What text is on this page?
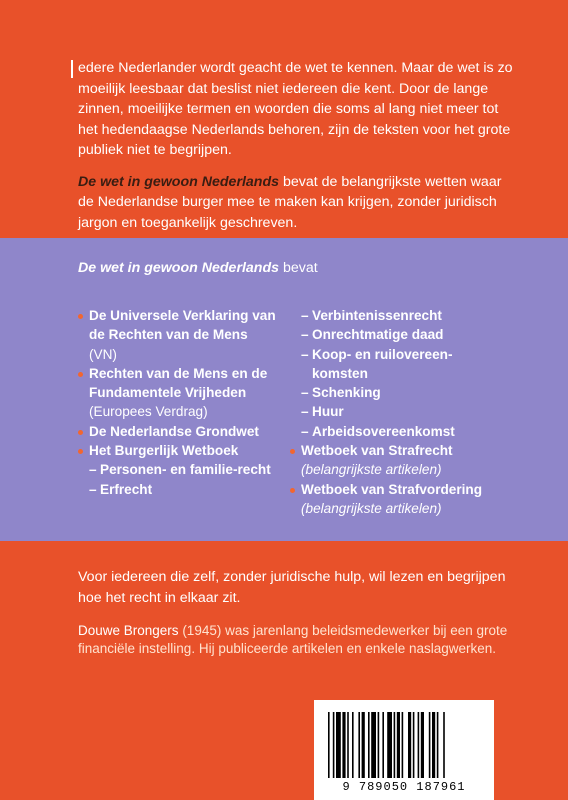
edere Nederlander wordt geacht de wet te kennen. Maar de wet is zo moeilijk leesbaar dat beslist niet iedereen die kent. Door de lange zinnen, moeilijke termen en woorden die soms al lang niet meer tot het hedendaagse Nederlands behoren, zijn de teksten voor het grote publiek niet te begrijpen.

De wet in gewoon Nederlands bevat de belangrijkste wetten waar de Nederlandse burger mee te maken kan krijgen, zonder juridisch jargon en toegankelijk geschreven.

De wet in gewoon Nederlands bevat
De Universele Verklaring van de Rechten van de Mens (VN)
Rechten van de Mens en de Fundamentele Vrijheden (Europees Verdrag)
De Nederlandse Grondwet
Het Burgerlijk Wetboek
– Personen- en familie-recht
– Erfrecht
– Verbintenissenrecht
– Onrechtmatige daad
– Koop- en ruilovereen-komsten
– Schenking
– Huur
– Arbeidsovereenkomst
Wetboek van Strafrecht
(belangrijkste artikelen)
Wetboek van Strafvordering (belangrijkste artikelen)

Voor iedereen die zelf, zonder juridische hulp, wil lezen en begrijpen hoe het recht in elkaar zit.

Douwe Brongers (1945) was jarenlang beleidsmedewerker bij een grote financiële instelling. Hij publiceerde artikelen en enkele naslagwerken.

9 789050 187961
